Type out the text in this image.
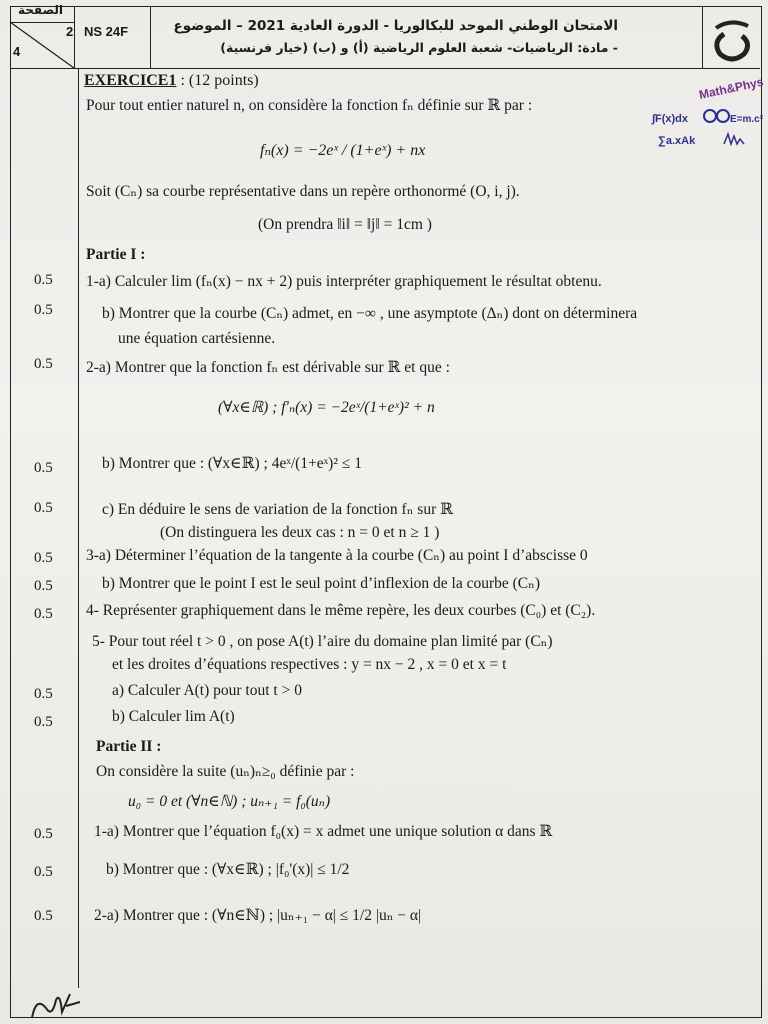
الصفحة
2
4
NS 24F	الامتحان الوطني الموحد للبكالوريا - الدورة العادية 2021 – الموضوع
- مادة: الرياضيات- شعبة العلوم الرياضية (أ) و (ب) (خيار فرنسية)
EXERCICE1 : (12 points)	Math&Phys
∫F(x)dx	E=m.c²
∑a.xAk
Pour tout entier naturel n, on considère la fonction fₙ définie sur ℝ par :
fₙ(x) = −2eˣ / (1+eˣ) + nx
Soit (Cₙ) sa courbe représentative dans un repère orthonormé (O, i, j).
(On prendra ‖i‖ = ‖j‖ = 1cm )
Partie I :
0.5 1-a) Calculer lim (fₙ(x) − nx + 2) puis interpréter graphiquement le résultat obtenu.
0.5	b) Montrer que la courbe (Cₙ) admet, en −∞ , une asymptote (Δₙ) dont on déterminera
une équation cartésienne.
0.5 2-a) Montrer que la fonction fₙ est dérivable sur ℝ et que :
(∀x∈ℝ) ; f'ₙ(x) = −2eˣ/(1+eˣ)² + n
0.5	b) Montrer que : (∀x∈ℝ) ; 4eˣ/(1+eˣ)² ≤ 1
0.5	c) En déduire le sens de variation de la fonction fₙ sur ℝ
(On distinguera les deux cas : n = 0 et n ≥ 1 )
0.5 3-a) Déterminer l’équation de la tangente à la courbe (Cₙ) au point I d’abscisse 0
0.5	b) Montrer que le point I est le seul point d’inflexion de la courbe (Cₙ)
0.5 4- Représenter graphiquement dans le même repère, les deux courbes (C₀) et (C₂).
5- Pour tout réel t > 0 , on pose A(t) l’aire du domaine plan limité par (Cₙ)
et les droites d’équations respectives : y = nx − 2 , x = 0 et x = t
0.5	a) Calculer A(t) pour tout t > 0
0.5	b) Calculer lim A(t)
Partie II :
On considère la suite (uₙ)ₙ≥₀ définie par :
u₀ = 0 et (∀n∈ℕ) ; uₙ₊₁ = f₀(uₙ)
0.5	1-a) Montrer que l’équation f₀(x) = x admet une unique solution α dans ℝ
0.5	b) Montrer que : (∀x∈ℝ) ; |f₀'(x)| ≤ 1/2
0.5	2-a) Montrer que : (∀n∈ℕ) ; |uₙ₊₁ − α| ≤ 1/2 |uₙ − α|
